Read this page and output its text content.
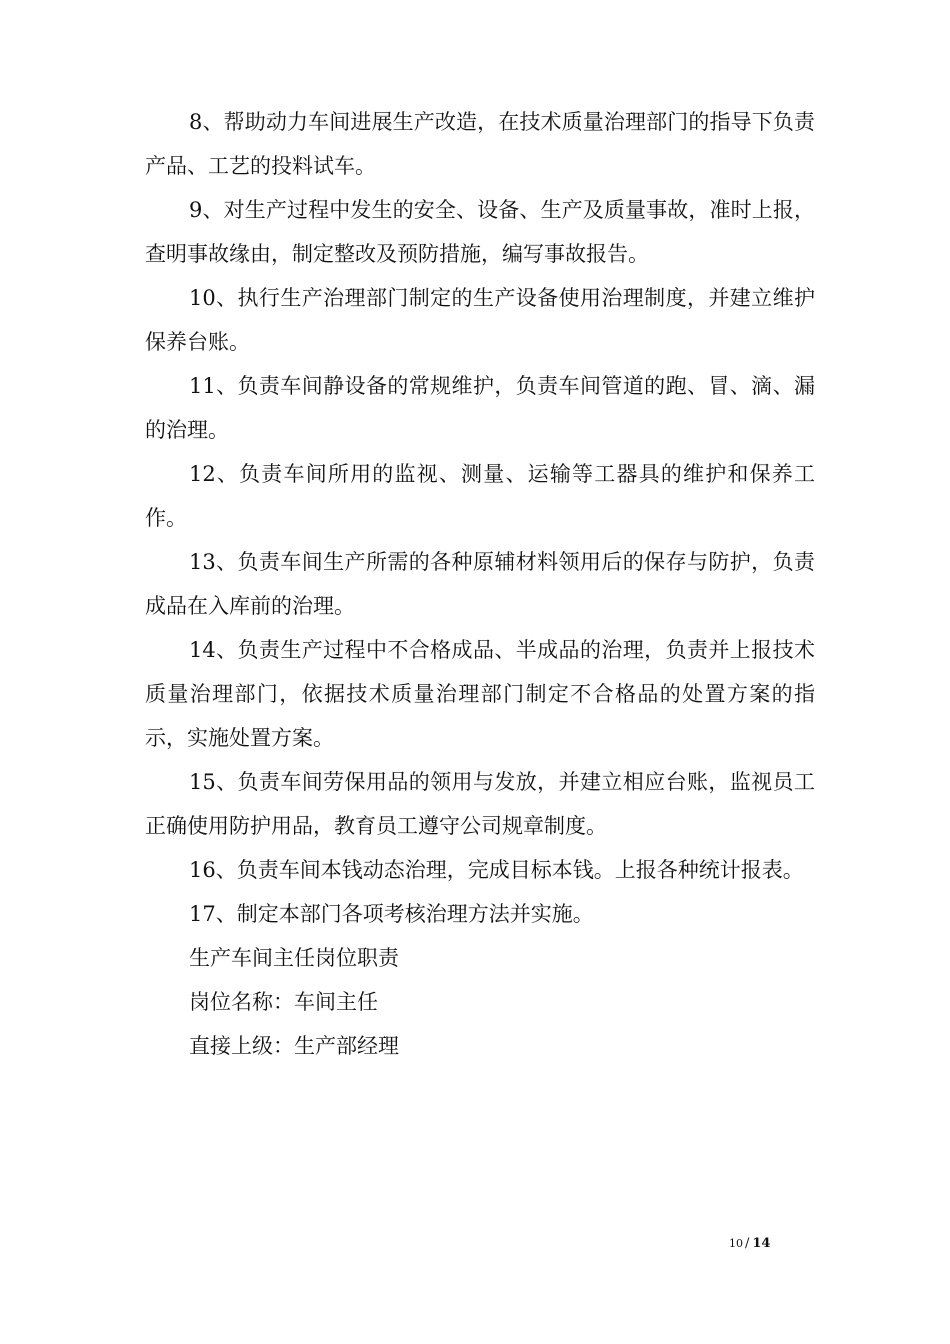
8、帮助动力车间进展生产改造，在技术质量治理部门的指导下负责产品、工艺的投料试车。

9、对生产过程中发生的安全、设备、生产及质量事故，准时上报，查明事故缘由，制定整改及预防措施，编写事故报告。

10、执行生产治理部门制定的生产设备使用治理制度，并建立维护保养台账。

11、负责车间静设备的常规维护，负责车间管道的跑、冒、滴、漏的治理。

12、负责车间所用的监视、测量、运输等工器具的维护和保养工作。

13、负责车间生产所需的各种原辅材料领用后的保存与防护，负责成品在入库前的治理。

14、负责生产过程中不合格成品、半成品的治理，负责并上报技术质量治理部门，依据技术质量治理部门制定不合格品的处置方案的指示，实施处置方案。

15、负责车间劳保用品的领用与发放，并建立相应台账，监视员工正确使用防护用品，教育员工遵守公司规章制度。

16、负责车间本钱动态治理，完成目标本钱。上报各种统计报表。

17、制定本部门各项考核治理方法并实施。

生产车间主任岗位职责

岗位名称：车间主任

直接上级：生产部经理

10 / 14
